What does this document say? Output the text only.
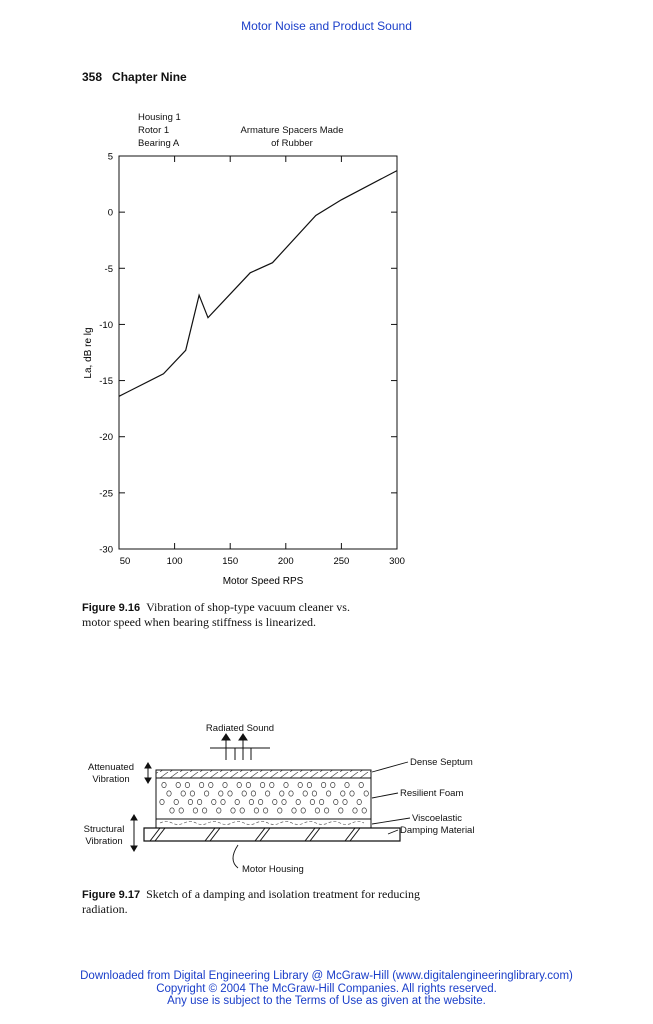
Motor Noise and Product Sound
358 Chapter Nine
Housing 1
Rotor 1
Bearing A
Armature Spacers Made
of Rubber
50	100	150	200	250	300
5
0
-5
-10
-15
-20
-25
-30
Motor Speed RPS
La, dB re lg
Figure 9.16 Vibration of shop-type vacuum cleaner vs.
motor speed when bearing stiffness is linearized.
Radiated Sound
Attenuated
Vibration
Structural
Vibration
Dense Septum
Resilient Foam
Viscoelastic
Damping Material
Motor Housing
Figure 9.17 Sketch of a damping and isolation treatment for reducing
radiation.
Downloaded from Digital Engineering Library @ McGraw-Hill (www.digitalengineeringlibrary.com)
Copyright © 2004 The McGraw-Hill Companies. All rights reserved.
Any use is subject to the Terms of Use as given at the website.
